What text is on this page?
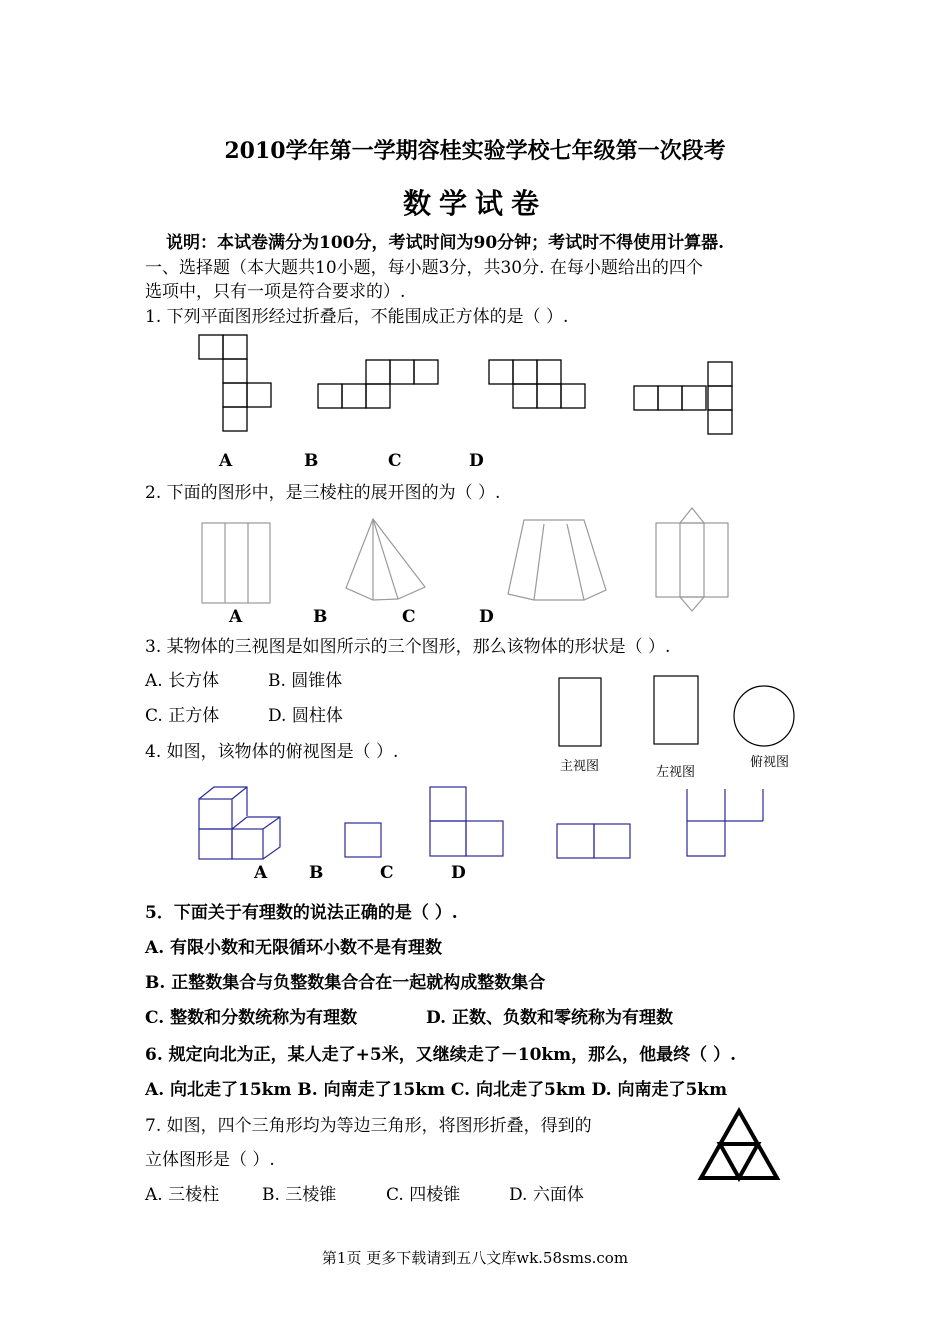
2010学年第一学期容桂实验学校七年级第一次段考
数学试卷
说明：本试卷满分为100分，考试时间为90分钟；考试时不得使用计算器.
一、选择题（本大题共10小题，每小题3分，共30分. 在每小题给出的四个
选项中，只有一项是符合要求的）.
1. 下列平面图形经过折叠后，不能围成正方体的是（ ）.
A	B	C	D
2. 下面的图形中，是三棱柱的展开图的为（ ）.
A	B	C	D
3. 某物体的三视图是如图所示的三个图形，那么该物体的形状是（ ）.
A. 长方体	B. 圆锥体
C. 正方体	D. 圆柱体
主视图	左视图
俯视图
4. 如图，该物体的俯视图是（ ）.
A B	C	D
5．下面关于有理数的说法正确的是（ ）.
A. 有限小数和无限循环小数不是有理数
B. 正整数集合与负整数集合合在一起就构成整数集合
C. 整数和分数统称为有理数	D. 正数、负数和零统称为有理数
6. 规定向北为正，某人走了+5米，又继续走了－10km，那么，他最终（ ）.
A. 向北走了15km B. 向南走了15km C. 向北走了5km D. 向南走了5km
7. 如图，四个三角形均为等边三角形，将图形折叠，得到的
立体图形是（ ）.
A. 三棱柱	B. 三棱锥	C. 四棱锥	D. 六面体
第1页 更多下载请到五八文库wk.58sms.com
